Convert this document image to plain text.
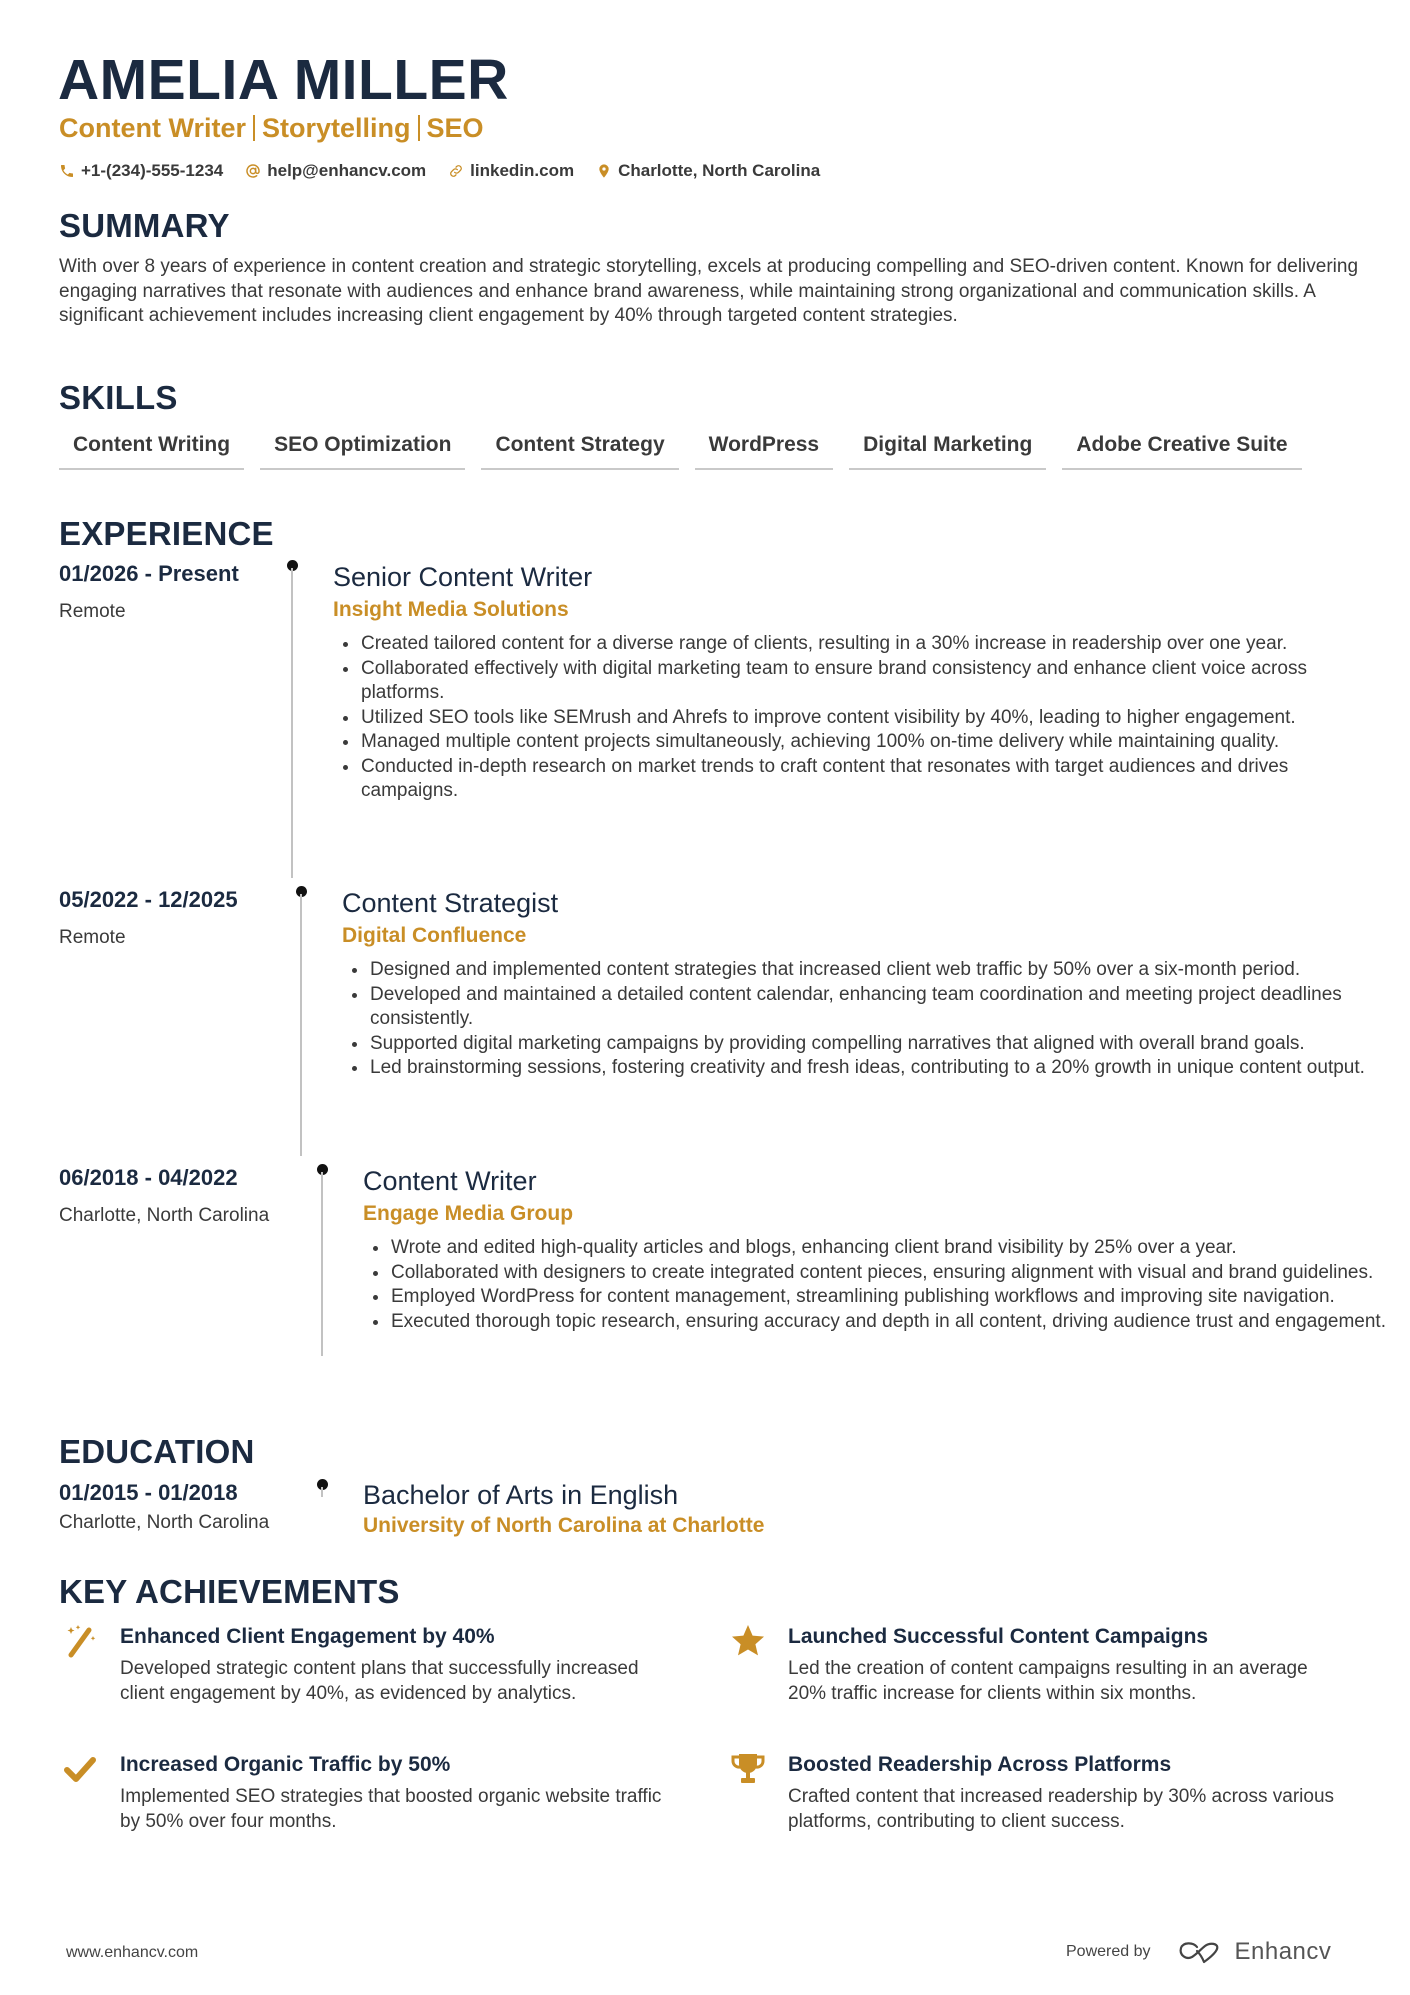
AMELIA MILLER
Content Writer Storytelling SEO
+1-(234)-555-1234	help@enhancv.com	linkedin.com	Charlotte, North Carolina
SUMMARY
With over 8 years of experience in content creation and strategic storytelling, excels at producing compelling and SEO-driven content. Known for delivering engaging narratives that resonate with audiences and enhance brand awareness, while maintaining strong organizational and communication skills. A significant achievement includes increasing client engagement by 40% through targeted content strategies.
SKILLS
Content Writing	SEO Optimization	Content Strategy	WordPress	Digital Marketing	Adobe Creative Suite
EXPERIENCE
01/2026 - Present
Remote
Senior Content Writer
Insight Media Solutions
Created tailored content for a diverse range of clients, resulting in a 30% increase in readership over one year.
Collaborated effectively with digital marketing team to ensure brand consistency and enhance client voice across platforms.
Utilized SEO tools like SEMrush and Ahrefs to improve content visibility by 40%, leading to higher engagement.
Managed multiple content projects simultaneously, achieving 100% on-time delivery while maintaining quality.
Conducted in-depth research on market trends to craft content that resonates with target audiences and drives campaigns.
05/2022 - 12/2025
Remote
Content Strategist
Digital Confluence
Designed and implemented content strategies that increased client web traffic by 50% over a six-month period.
Developed and maintained a detailed content calendar, enhancing team coordination and meeting project deadlines consistently.
Supported digital marketing campaigns by providing compelling narratives that aligned with overall brand goals.
Led brainstorming sessions, fostering creativity and fresh ideas, contributing to a 20% growth in unique content output.
06/2018 - 04/2022
Charlotte, North Carolina
Content Writer
Engage Media Group
Wrote and edited high-quality articles and blogs, enhancing client brand visibility by 25% over a year.
Collaborated with designers to create integrated content pieces, ensuring alignment with visual and brand guidelines.
Employed WordPress for content management, streamlining publishing workflows and improving site navigation.
Executed thorough topic research, ensuring accuracy and depth in all content, driving audience trust and engagement.
EDUCATION
01/2015 - 01/2018
Charlotte, North Carolina
Bachelor of Arts in English
University of North Carolina at Charlotte
KEY ACHIEVEMENTS
Enhanced Client Engagement by 40%
Developed strategic content plans that successfully increased client engagement by 40%, as evidenced by analytics.
Launched Successful Content Campaigns
Led the creation of content campaigns resulting in an average 20% traffic increase for clients within six months.
Increased Organic Traffic by 50%
Implemented SEO strategies that boosted organic website traffic by 50% over four months.
Boosted Readership Across Platforms
Crafted content that increased readership by 30% across various platforms, contributing to client success.
www.enhancv.com	Powered by	Enhancv
